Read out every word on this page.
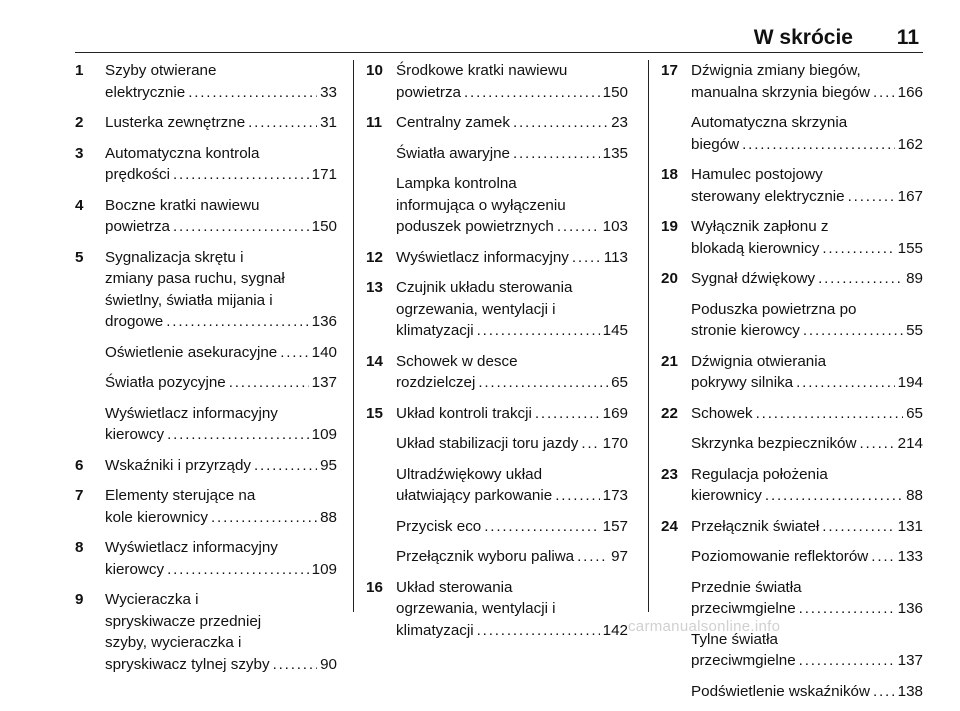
W skrócie 11
1 Szyby otwierane
elektrycznie . . .	33
2 Lusterka zewnętrzne . . .	31
3 Automatyczna kontrola
prędkości . . .	171
4 Boczne kratki nawiewu
powietrza . . .	150
5 Sygnalizacja skrętu i
zmiany pasa ruchu, sygnał
świetlny, światła mijania i
drogowe . . .	136
Oświetlenie asekuracyjne . . . 140
Światła pozycyjne . . .	137
Wyświetlacz informacyjny
kierowcy . . .	109
6 Wskaźniki i przyrządy . . .	95
7 Elementy sterujące na
kole kierownicy . . .	88
8 Wyświetlacz informacyjny
kierowcy . . .	109
9 Wycieraczka i
spryskiwacze przedniej
szyby, wycieraczka i
spryskiwacz tylnej szyby . . .	90
10 Środkowe kratki nawiewu
powietrza . . .	150
11 Centralny zamek . . .	23
Światła awaryjne . . .	135
Lampka kontrolna
informująca o wyłączeniu
poduszek powietrznych . . .	103
12 Wyświetlacz informacyjny . . . 113
13 Czujnik układu sterowania
ogrzewania, wentylacji i
klimatyzacji . . .	145
14 Schowek w desce
rozdzielczej . . .	65
15 Układ kontroli trakcji . . .	169
Układ stabilizacji toru jazdy . . . 170
Ultradźwiękowy układ
ułatwiający parkowanie . . .	173
Przycisk eco . . .	157
Przełącznik wyboru paliwa . . . 97
16 Układ sterowania
ogrzewania, wentylacji i
klimatyzacji . . .	142
17 Dźwignia zmiany biegów,
manualna skrzynia biegów . . . 166
Automatyczna skrzynia
biegów . . .	162
18 Hamulec postojowy
sterowany elektrycznie . . .	167
19 Wyłącznik zapłonu z
blokadą kierownicy . . .	155
20 Sygnał dźwiękowy . . .	89
Poduszka powietrzna po
stronie kierowcy . . .	55
21 Dźwignia otwierania
pokrywy silnika . . .	194
22 Schowek . . .	65
Skrzynka bezpieczników . . .	214
23 Regulacja położenia
kierownicy . . .	88
24 Przełącznik świateł . . .	131
Poziomowanie reflektorów . . . 133
Przednie światła
przeciwmgielne . . .	136
Tylne światła
przeciwmgielne . . .	137
Podświetlenie wskaźników . . . 138
carmanualsonline.info
